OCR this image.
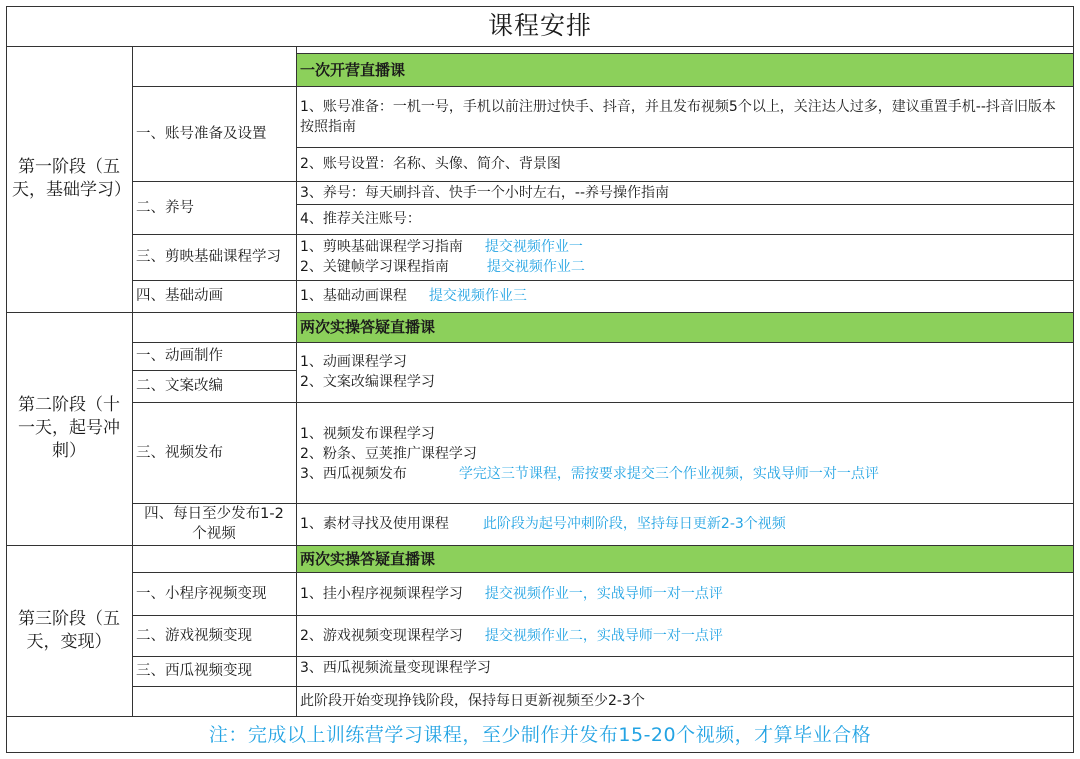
课程安排
第一阶段（五天，基础学习）
第二阶段（十一天，起号冲刺）
第三阶段（五天，变现）
一次开营直播课
两次实操答疑直播课
两次实操答疑直播课
一、账号准备及设置
二、养号
三、剪映基础课程学习
四、基础动画
1、账号准备：一机一号，手机以前注册过快手、抖音，并且发布视频5个以上，关注达人过多，建议重置手机--抖音旧版本按照指南
2、账号设置：名称、头像、简介、背景图
3、养号：每天刷抖音、快手一个小时左右，--养号操作指南
4、推荐关注账号：
1、剪映基础课程学习指南 提交视频作业一
2、关键帧学习课程指南	提交视频作业二
1、基础动画课程 提交视频作业三
一、动画制作
二、文案改编
三、视频发布
四、每日至少发布1-2个视频
1、动画课程学习
2、文案改编课程学习
1、视频发布课程学习
2、粉条、豆荚推广课程学习
3、西瓜视频发布	学完这三节课程，需按要求提交三个作业视频，实战导师一对一点评
1、素材寻找及使用课程 此阶段为起号冲刺阶段，坚持每日更新2-3个视频
一、小程序视频变现
二、游戏视频变现
三、西瓜视频变现
1、挂小程序视频课程学习 提交视频作业一，实战导师一对一点评
2、游戏视频变现课程学习 提交视频作业二，实战导师一对一点评
3、西瓜视频流量变现课程学习
此阶段开始变现挣钱阶段，保持每日更新视频至少2-3个
注：完成以上训练营学习课程，至少制作并发布15-20个视频，才算毕业合格
